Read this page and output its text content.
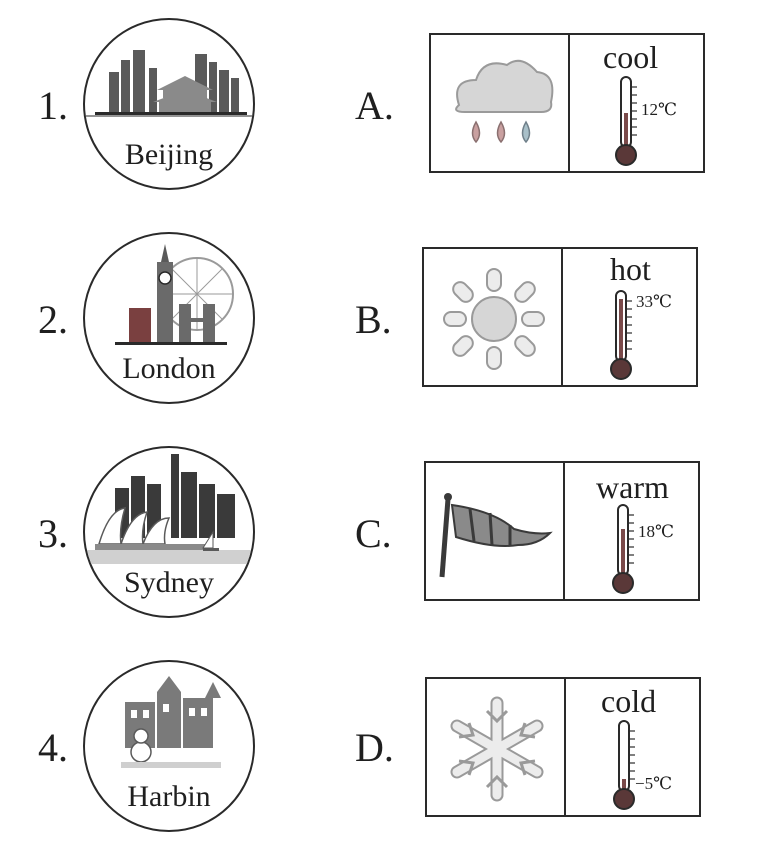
1.
Beijing
A.
cool
12℃
2.
London
B.
hot
33℃
3.
Sydney
C.
warm
18℃
4.
Harbin
D.
cold
−5℃
